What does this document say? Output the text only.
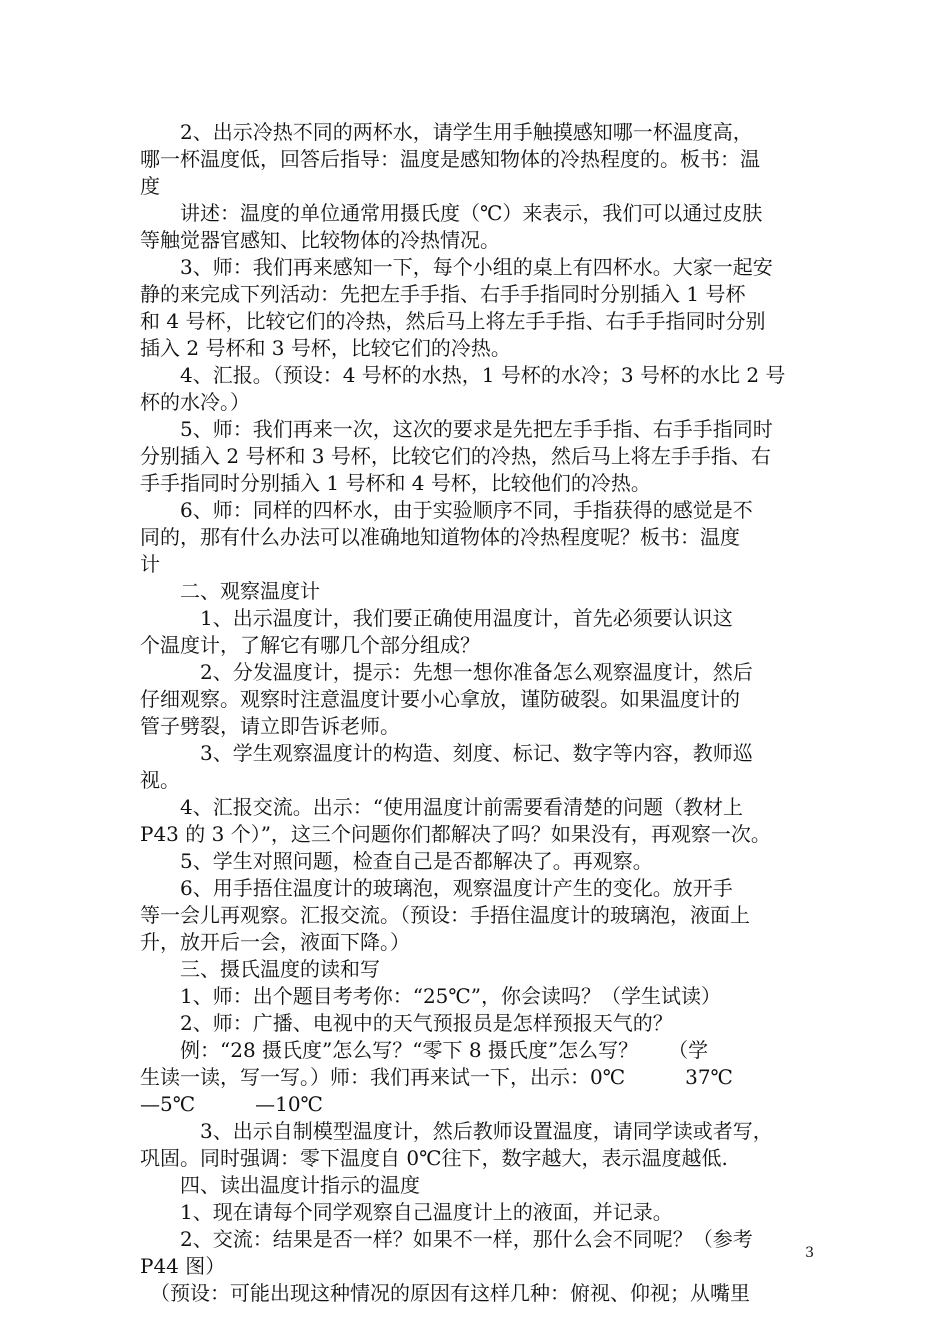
　　2、出示冷热不同的两杯水，请学生用手触摸感知哪一杯温度高，
哪一杯温度低，回答后指导：温度是感知物体的冷热程度的。板书：温
度
　　讲述：温度的单位通常用摄氏度（℃）来表示，我们可以通过皮肤
等触觉器官感知、比较物体的冷热情况。
　　3、师：我们再来感知一下，每个小组的桌上有四杯水。大家一起安
静的来完成下列活动：先把左手手指、右手手指同时分别插入 1 号杯
和 4 号杯，比较它们的冷热，然后马上将左手手指、右手手指同时分别
插入 2 号杯和 3 号杯，比较它们的冷热。
　　4、汇报。（预设：4 号杯的水热，1 号杯的水冷；3 号杯的水比 2 号
杯的水冷。）
　　5、师：我们再来一次，这次的要求是先把左手手指、右手手指同时
分别插入 2 号杯和 3 号杯，比较它们的冷热，然后马上将左手手指、右
手手指同时分别插入 1 号杯和 4 号杯，比较他们的冷热。
　　6、师：同样的四杯水，由于实验顺序不同，手指获得的感觉是不
同的，那有什么办法可以准确地知道物体的冷热程度呢？板书：温度
计
　　二、观察温度计
　　　1、出示温度计，我们要正确使用温度计，首先必须要认识这
个温度计，了解它有哪几个部分组成？
　　　2、分发温度计，提示：先想一想你准备怎么观察温度计，然后
仔细观察。观察时注意温度计要小心拿放，谨防破裂。如果温度计的
管子劈裂，请立即告诉老师。
　　　3、学生观察温度计的构造、刻度、标记、数字等内容，教师巡
视。
　　4、汇报交流。出示：“使用温度计前需要看清楚的问题（教材上
P43 的 3 个）”，这三个问题你们都解决了吗？如果没有，再观察一次。
　　5、学生对照问题，检查自己是否都解决了。再观察。
　　6、用手捂住温度计的玻璃泡，观察温度计产生的变化。放开手
等一会儿再观察。汇报交流。（预设：手捂住温度计的玻璃泡，液面上
升，放开后一会，液面下降。）
　　三、摄氏温度的读和写
　　1、师：出个题目考考你：“25℃”，你会读吗？（学生试读）
　　2、师：广播、电视中的天气预报员是怎样预报天气的？
　　例：“28 摄氏度”怎么写？“零下 8 摄氏度”怎么写？　　（学
生读一读，写一写。）师：我们再来试一下，出示：0℃　　　37℃
—5℃　　　—10℃
　　　3、出示自制模型温度计，然后教师设置温度，请同学读或者写，
巩固。同时强调：零下温度自 0℃往下，数字越大，表示温度越低.
　　四、读出温度计指示的温度
　　1、现在请每个同学观察自己温度计上的液面，并记录。
　　2、交流：结果是否一样？如果不一样，那什么会不同呢？（参考
P44 图）
　（预设：可能出现这种情况的原因有这样几种：俯视、仰视；从嘴里
3
